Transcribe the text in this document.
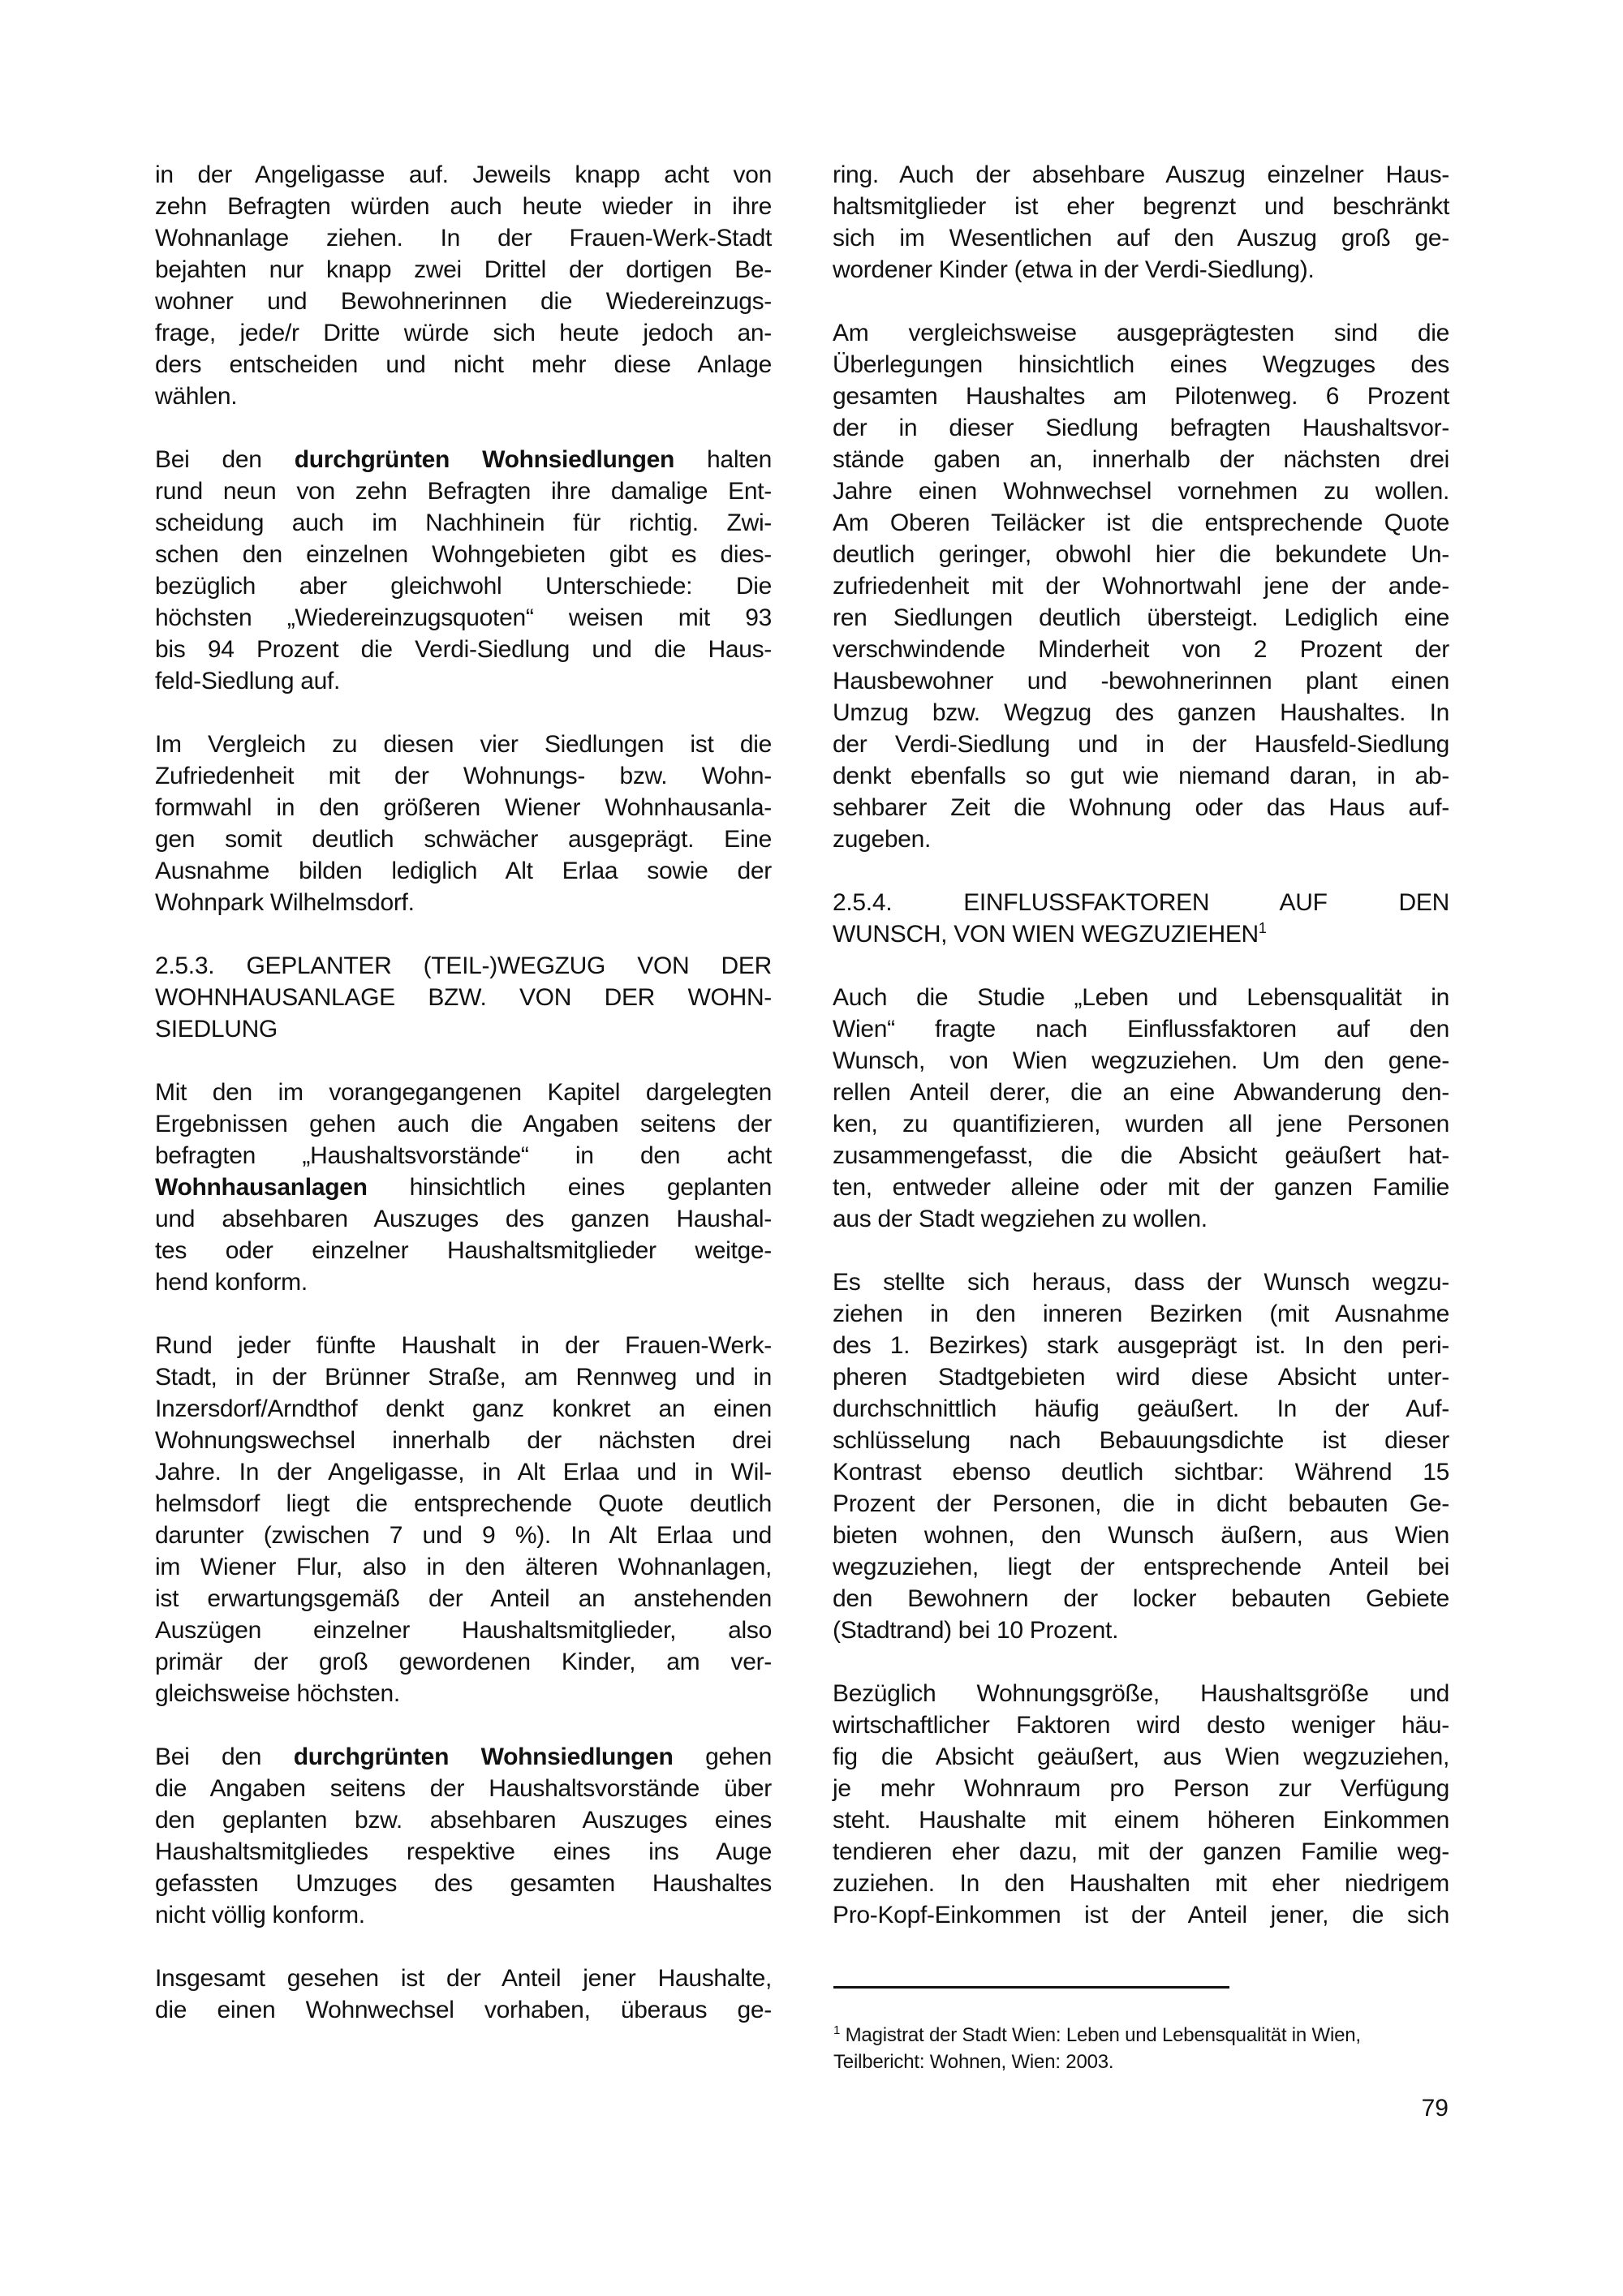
in der Angeligasse auf. Jeweils knapp acht von
zehn Befragten würden auch heute wieder in ihre
Wohnanlage ziehen. In der Frauen-Werk-Stadt
bejahten nur knapp zwei Drittel der dortigen Be-
wohner und Bewohnerinnen die Wiedereinzugs-
frage, jede/r Dritte würde sich heute jedoch an-
ders entscheiden und nicht mehr diese Anlage
wählen.
Bei den durchgrünten Wohnsiedlungen halten
rund neun von zehn Befragten ihre damalige Ent-
scheidung auch im Nachhinein für richtig. Zwi-
schen den einzelnen Wohngebieten gibt es dies-
bezüglich aber gleichwohl Unterschiede: Die
höchsten „Wiedereinzugsquoten“ weisen mit 93
bis 94 Prozent die Verdi-Siedlung und die Haus-
feld-Siedlung auf.
Im Vergleich zu diesen vier Siedlungen ist die
Zufriedenheit mit der Wohnungs- bzw. Wohn-
formwahl in den größeren Wiener Wohnhausanla-
gen somit deutlich schwächer ausgeprägt. Eine
Ausnahme bilden lediglich Alt Erlaa sowie der
Wohnpark Wilhelmsdorf.
2.5.3. GEPLANTER (TEIL-)WEGZUG VON DER
WOHNHAUSANLAGE BZW. VON DER WOHN-
SIEDLUNG
Mit den im vorangegangenen Kapitel dargelegten
Ergebnissen gehen auch die Angaben seitens der
befragten „Haushaltsvorstände“ in den acht
Wohnhausanlagen hinsichtlich eines geplanten
und absehbaren Auszuges des ganzen Haushal-
tes oder einzelner Haushaltsmitglieder weitge-
hend konform.
Rund jeder fünfte Haushalt in der Frauen-Werk-
Stadt, in der Brünner Straße, am Rennweg und in
Inzersdorf/Arndthof denkt ganz konkret an einen
Wohnungswechsel innerhalb der nächsten drei
Jahre. In der Angeligasse, in Alt Erlaa und in Wil-
helmsdorf liegt die entsprechende Quote deutlich
darunter (zwischen 7 und 9 %). In Alt Erlaa und
im Wiener Flur, also in den älteren Wohnanlagen,
ist erwartungsgemäß der Anteil an anstehenden
Auszügen einzelner Haushaltsmitglieder, also
primär der groß gewordenen Kinder, am ver-
gleichsweise höchsten.
Bei den durchgrünten Wohnsiedlungen gehen
die Angaben seitens der Haushaltsvorstände über
den geplanten bzw. absehbaren Auszuges eines
Haushaltsmitgliedes respektive eines ins Auge
gefassten Umzuges des gesamten Haushaltes
nicht völlig konform.
Insgesamt gesehen ist der Anteil jener Haushalte,
die einen Wohnwechsel vorhaben, überaus ge-
ring. Auch der absehbare Auszug einzelner Haus-
haltsmitglieder ist eher begrenzt und beschränkt
sich im Wesentlichen auf den Auszug groß ge-
wordener Kinder (etwa in der Verdi-Siedlung).
Am vergleichsweise ausgeprägtesten sind die
Überlegungen hinsichtlich eines Wegzuges des
gesamten Haushaltes am Pilotenweg. 6 Prozent
der in dieser Siedlung befragten Haushaltsvor-
stände gaben an, innerhalb der nächsten drei
Jahre einen Wohnwechsel vornehmen zu wollen.
Am Oberen Teiläcker ist die entsprechende Quote
deutlich geringer, obwohl hier die bekundete Un-
zufriedenheit mit der Wohnortwahl jene der ande-
ren Siedlungen deutlich übersteigt. Lediglich eine
verschwindende Minderheit von 2 Prozent der
Hausbewohner und -bewohnerinnen plant einen
Umzug bzw. Wegzug des ganzen Haushaltes. In
der Verdi-Siedlung und in der Hausfeld-Siedlung
denkt ebenfalls so gut wie niemand daran, in ab-
sehbarer Zeit die Wohnung oder das Haus auf-
zugeben.
2.5.4. EINFLUSSFAKTOREN AUF DEN
WUNSCH, VON WIEN WEGZUZIEHEN$^1$
Auch die Studie „Leben und Lebensqualität in
Wien“ fragte nach Einflussfaktoren auf den
Wunsch, von Wien wegzuziehen. Um den gene-
rellen Anteil derer, die an eine Abwanderung den-
ken, zu quantifizieren, wurden all jene Personen
zusammengefasst, die die Absicht geäußert hat-
ten, entweder alleine oder mit der ganzen Familie
aus der Stadt wegziehen zu wollen.
Es stellte sich heraus, dass der Wunsch wegzu-
ziehen in den inneren Bezirken (mit Ausnahme
des 1. Bezirkes) stark ausgeprägt ist. In den peri-
pheren Stadtgebieten wird diese Absicht unter-
durchschnittlich häufig geäußert. In der Auf-
schlüsselung nach Bebauungsdichte ist dieser
Kontrast ebenso deutlich sichtbar: Während 15
Prozent der Personen, die in dicht bebauten Ge-
bieten wohnen, den Wunsch äußern, aus Wien
wegzuziehen, liegt der entsprechende Anteil bei
den Bewohnern der locker bebauten Gebiete
(Stadtrand) bei 10 Prozent.
Bezüglich Wohnungsgröße, Haushaltsgröße und
wirtschaftlicher Faktoren wird desto weniger häu-
fig die Absicht geäußert, aus Wien wegzuziehen,
je mehr Wohnraum pro Person zur Verfügung
steht. Haushalte mit einem höheren Einkommen
tendieren eher dazu, mit der ganzen Familie weg-
zuziehen. In den Haushalten mit eher niedrigem
Pro-Kopf-Einkommen ist der Anteil jener, die sich
$^1$ Magistrat der Stadt Wien: Leben und Lebensqualität in Wien,
Teilbericht: Wohnen, Wien: 2003.
79
